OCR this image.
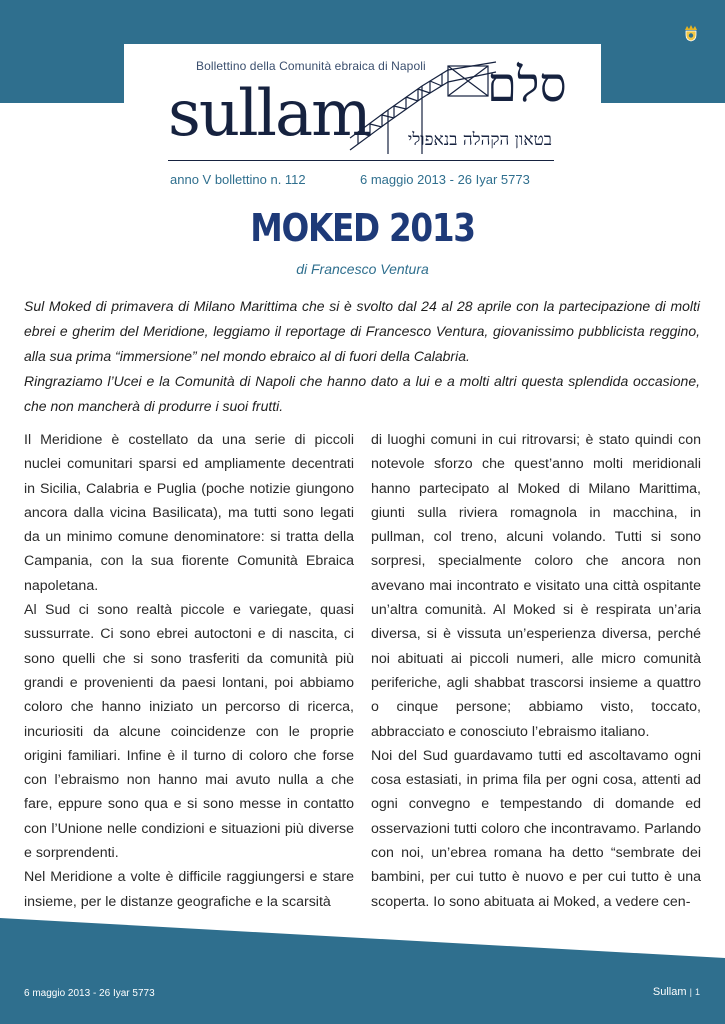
Bollettino della Comunità ebraica di Napoli
sullam סלם
בטאון הקהלה בנאפולי
anno V bollettino n. 112	6 maggio 2013 - 26 Iyar 5773
MOKED 2013
di Francesco Ventura

Sul Moked di primavera di Milano Marittima che si è svolto dal 24 al 28 aprile con la partecipazione di molti ebrei e gherim del Meridione, leggiamo il reportage di Francesco Ventura, giovanissimo pubblicista reggino, alla sua prima “immersione” nel mondo ebraico al di fuori della Calabria.

Ringraziamo l’Ucei e la Comunità di Napoli che hanno dato a lui e a molti altri questa splendida occasione, che non mancherà di produrre i suoi frutti.

Il Meridione è costellato da una serie di piccoli nuclei comunitari sparsi ed ampliamente decentrati in Sicilia, Calabria e Puglia (poche notizie giungono ancora dalla vicina Basilicata), ma tutti sono legati da un minimo comune denominatore: si tratta della Campania, con la sua fiorente Comunità Ebraica napoletana.

Al Sud ci sono realtà piccole e variegate, quasi sussurrate. Ci sono ebrei autoctoni e di nascita, ci sono quelli che si sono trasferiti da comunità più grandi e provenienti da paesi lontani, poi abbiamo coloro che hanno iniziato un percorso di ricerca, incuriositi da alcune coincidenze con le proprie origini familiari. Infine è il turno di coloro che forse con l’ebraismo non hanno mai avuto nulla a che fare, eppure sono qua e si sono messe in contatto con l’Unione nelle condizioni e situazioni più diverse e sorprendenti.

Nel Meridione a volte è difficile raggiungersi e stare insieme, per le distanze geografiche e la scarsità

di luoghi comuni in cui ritrovarsi; è stato quindi con notevole sforzo che quest’anno molti meridionali hanno partecipato al Moked di Milano Marittima, giunti sulla riviera romagnola in macchina, in pullman, col treno, alcuni volando. Tutti si sono sorpresi, specialmente coloro che ancora non avevano mai incontrato e visitato una città ospitante un’altra comunità. Al Moked si è respirata un’aria diversa, si è vissuta un’esperienza diversa, perché noi abituati ai piccoli numeri, alle micro comunità periferiche, agli shabbat trascorsi insieme a quattro o cinque persone; abbiamo visto, toccato, abbracciato e conosciuto l’ebraismo italiano.

Noi del Sud guardavamo tutti ed ascoltavamo ogni cosa estasiati, in prima fila per ogni cosa, attenti ad ogni convegno e tempestando di domande ed osservazioni tutti coloro che incontravamo. Parlando con noi, un’ebrea romana ha detto “sembrate dei bambini, per cui tutto è nuovo e per cui tutto è una scoperta. Io sono abituata ai Moked, a vedere cen-

6 maggio 2013 - 26 Iyar 5773	Sullam | 1
